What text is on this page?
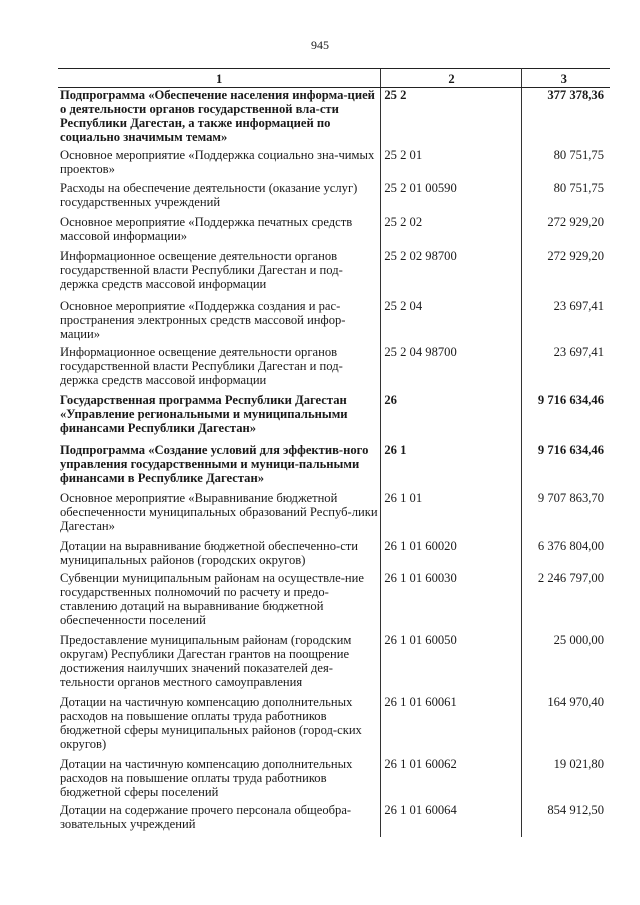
945
1	2	3

Подпрограмма «Обеспечение населения информа-цией о деятельности органов государственной вла-сти Республики Дагестан, а также информацией по социально значимым темам»	25 2	377 378,36

Основное мероприятие «Поддержка социально зна-чимых проектов»	25 2 01	80 751,75

Расходы на обеспечение деятельности (оказание услуг) государственных учреждений	25 2 01 00590	80 751,75

Основное мероприятие «Поддержка печатных средств массовой информации»	25 2 02	272 929,20

Информационное освещение деятельности органов государственной власти Республики Дагестан и под-держка средств массовой информации	25 2 02 98700	272 929,20

Основное мероприятие «Поддержка создания и рас-пространения электронных средств массовой инфор-мации»	25 2 04	23 697,41

Информационное освещение деятельности органов государственной власти Республики Дагестан и под-держка средств массовой информации	25 2 04 98700	23 697,41

Государственная программа Республики Дагестан «Управление региональными и муниципальными финансами Республики Дагестан»	26	9 716 634,46

Подпрограмма «Создание условий для эффектив-ного управления государственными и муници-пальными финансами в Республике Дагестан»	26 1	9 716 634,46

Основное мероприятие «Выравнивание бюджетной обеспеченности муниципальных образований Респуб-лики Дагестан»	26 1 01	9 707 863,70

Дотации на выравнивание бюджетной обеспеченно-сти муниципальных районов (городских округов)	26 1 01 60020	6 376 804,00

Субвенции муниципальным районам на осуществле-ние государственных полномочий по расчету и предо-ставлению дотаций на выравнивание бюджетной обеспеченности поселений	26 1 01 60030	2 246 797,00

Предоставление муниципальным районам (городским округам) Республики Дагестан грантов на поощрение достижения наилучших значений показателей дея-тельности органов местного самоуправления	26 1 01 60050	25 000,00

Дотации на частичную компенсацию дополнительных расходов на повышение оплаты труда работников бюджетной сферы муниципальных районов (город-ских округов)	26 1 01 60061	164 970,40

Дотации на частичную компенсацию дополнительных расходов на повышение оплаты труда работников бюджетной сферы поселений	26 1 01 60062	19 021,80

Дотации на содержание прочего персонала общеобра-зовательных учреждений	26 1 01 60064	854 912,50
